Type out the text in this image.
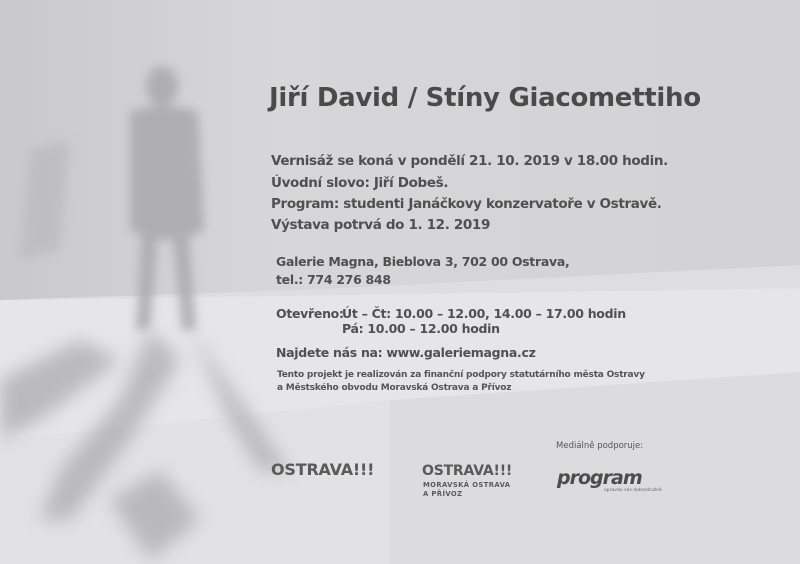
Jiří David / Stíny Giacomettiho
Vernisáž se koná v pondělí 21. 10. 2019 v 18.00 hodin.
Úvodní slovo: Jiří Dobeš.
Program: studenti Janáčkovy konzervatoře v Ostravě.
Výstava potrvá do 1. 12. 2019
Galerie Magna, Bieblova 3, 702 00 Ostrava,
tel.: 774 276 848
Otevřeno:
Út – Čt: 10.00 – 12.00, 14.00 – 17.00 hodin
Pá: 10.00 – 12.00 hodin
Najdete nás na: www.galeriemagna.cz
Tento projekt je realizován za finanční podpory statutárního města Ostravy
a Městského obvodu Moravská Ostrava a Přívoz
Mediálně podporuje:
OSTRAVA!!!	OSTRAVA!!!
MORAVSKÁ OSTRAVA
A PŘÍVOZ
program
opravdu vás dobrodružně
